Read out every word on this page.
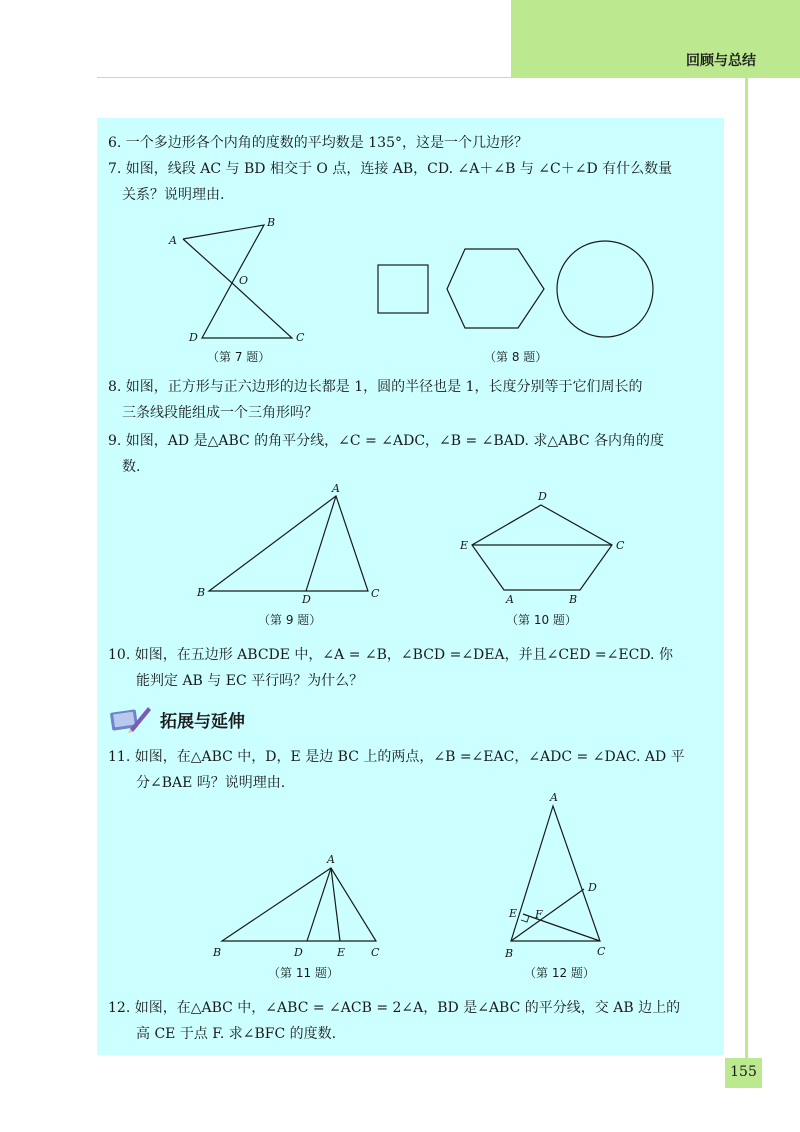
回顾与总结
6. 一个多边形各个内角的度数的平均数是 135°，这是一个几边形？
7. 如图，线段 AC 与 BD 相交于 O 点，连接 AB，CD. ∠A＋∠B 与 ∠C＋∠D 有什么数量
关系？说明理由.
A
B
O
D	C
（第 7 题）	（第 8 题）
8. 如图，正方形与正六边形的边长都是 1，圆的半径也是 1，长度分别等于它们周长的
三条线段能组成一个三角形吗？
9. 如图，AD 是△ABC 的角平分线，∠C = ∠ADC，∠B = ∠BAD. 求△ABC 各内角的度
数.
A
B
D	C
D
E	C
A	B
（第 9 题）	（第 10 题）
10. 如图，在五边形 ABCDE 中，∠A = ∠B，∠BCD =∠DEA，并且∠CED =∠ECD. 你
能判定 AB 与 EC 平行吗？为什么？
拓展与延伸
11. 如图，在△ABC 中，D，E 是边 BC 上的两点，∠B =∠EAC，∠ADC = ∠DAC. AD 平
分∠BAE 吗？说明理由.
A
B	D	E C
A
D
E F
B	C
（第 11 题）	（第 12 题）
12. 如图，在△ABC 中，∠ABC = ∠ACB = 2∠A，BD 是∠ABC 的平分线，交 AB 边上的
高 CE 于点 F. 求∠BFC 的度数.
155
